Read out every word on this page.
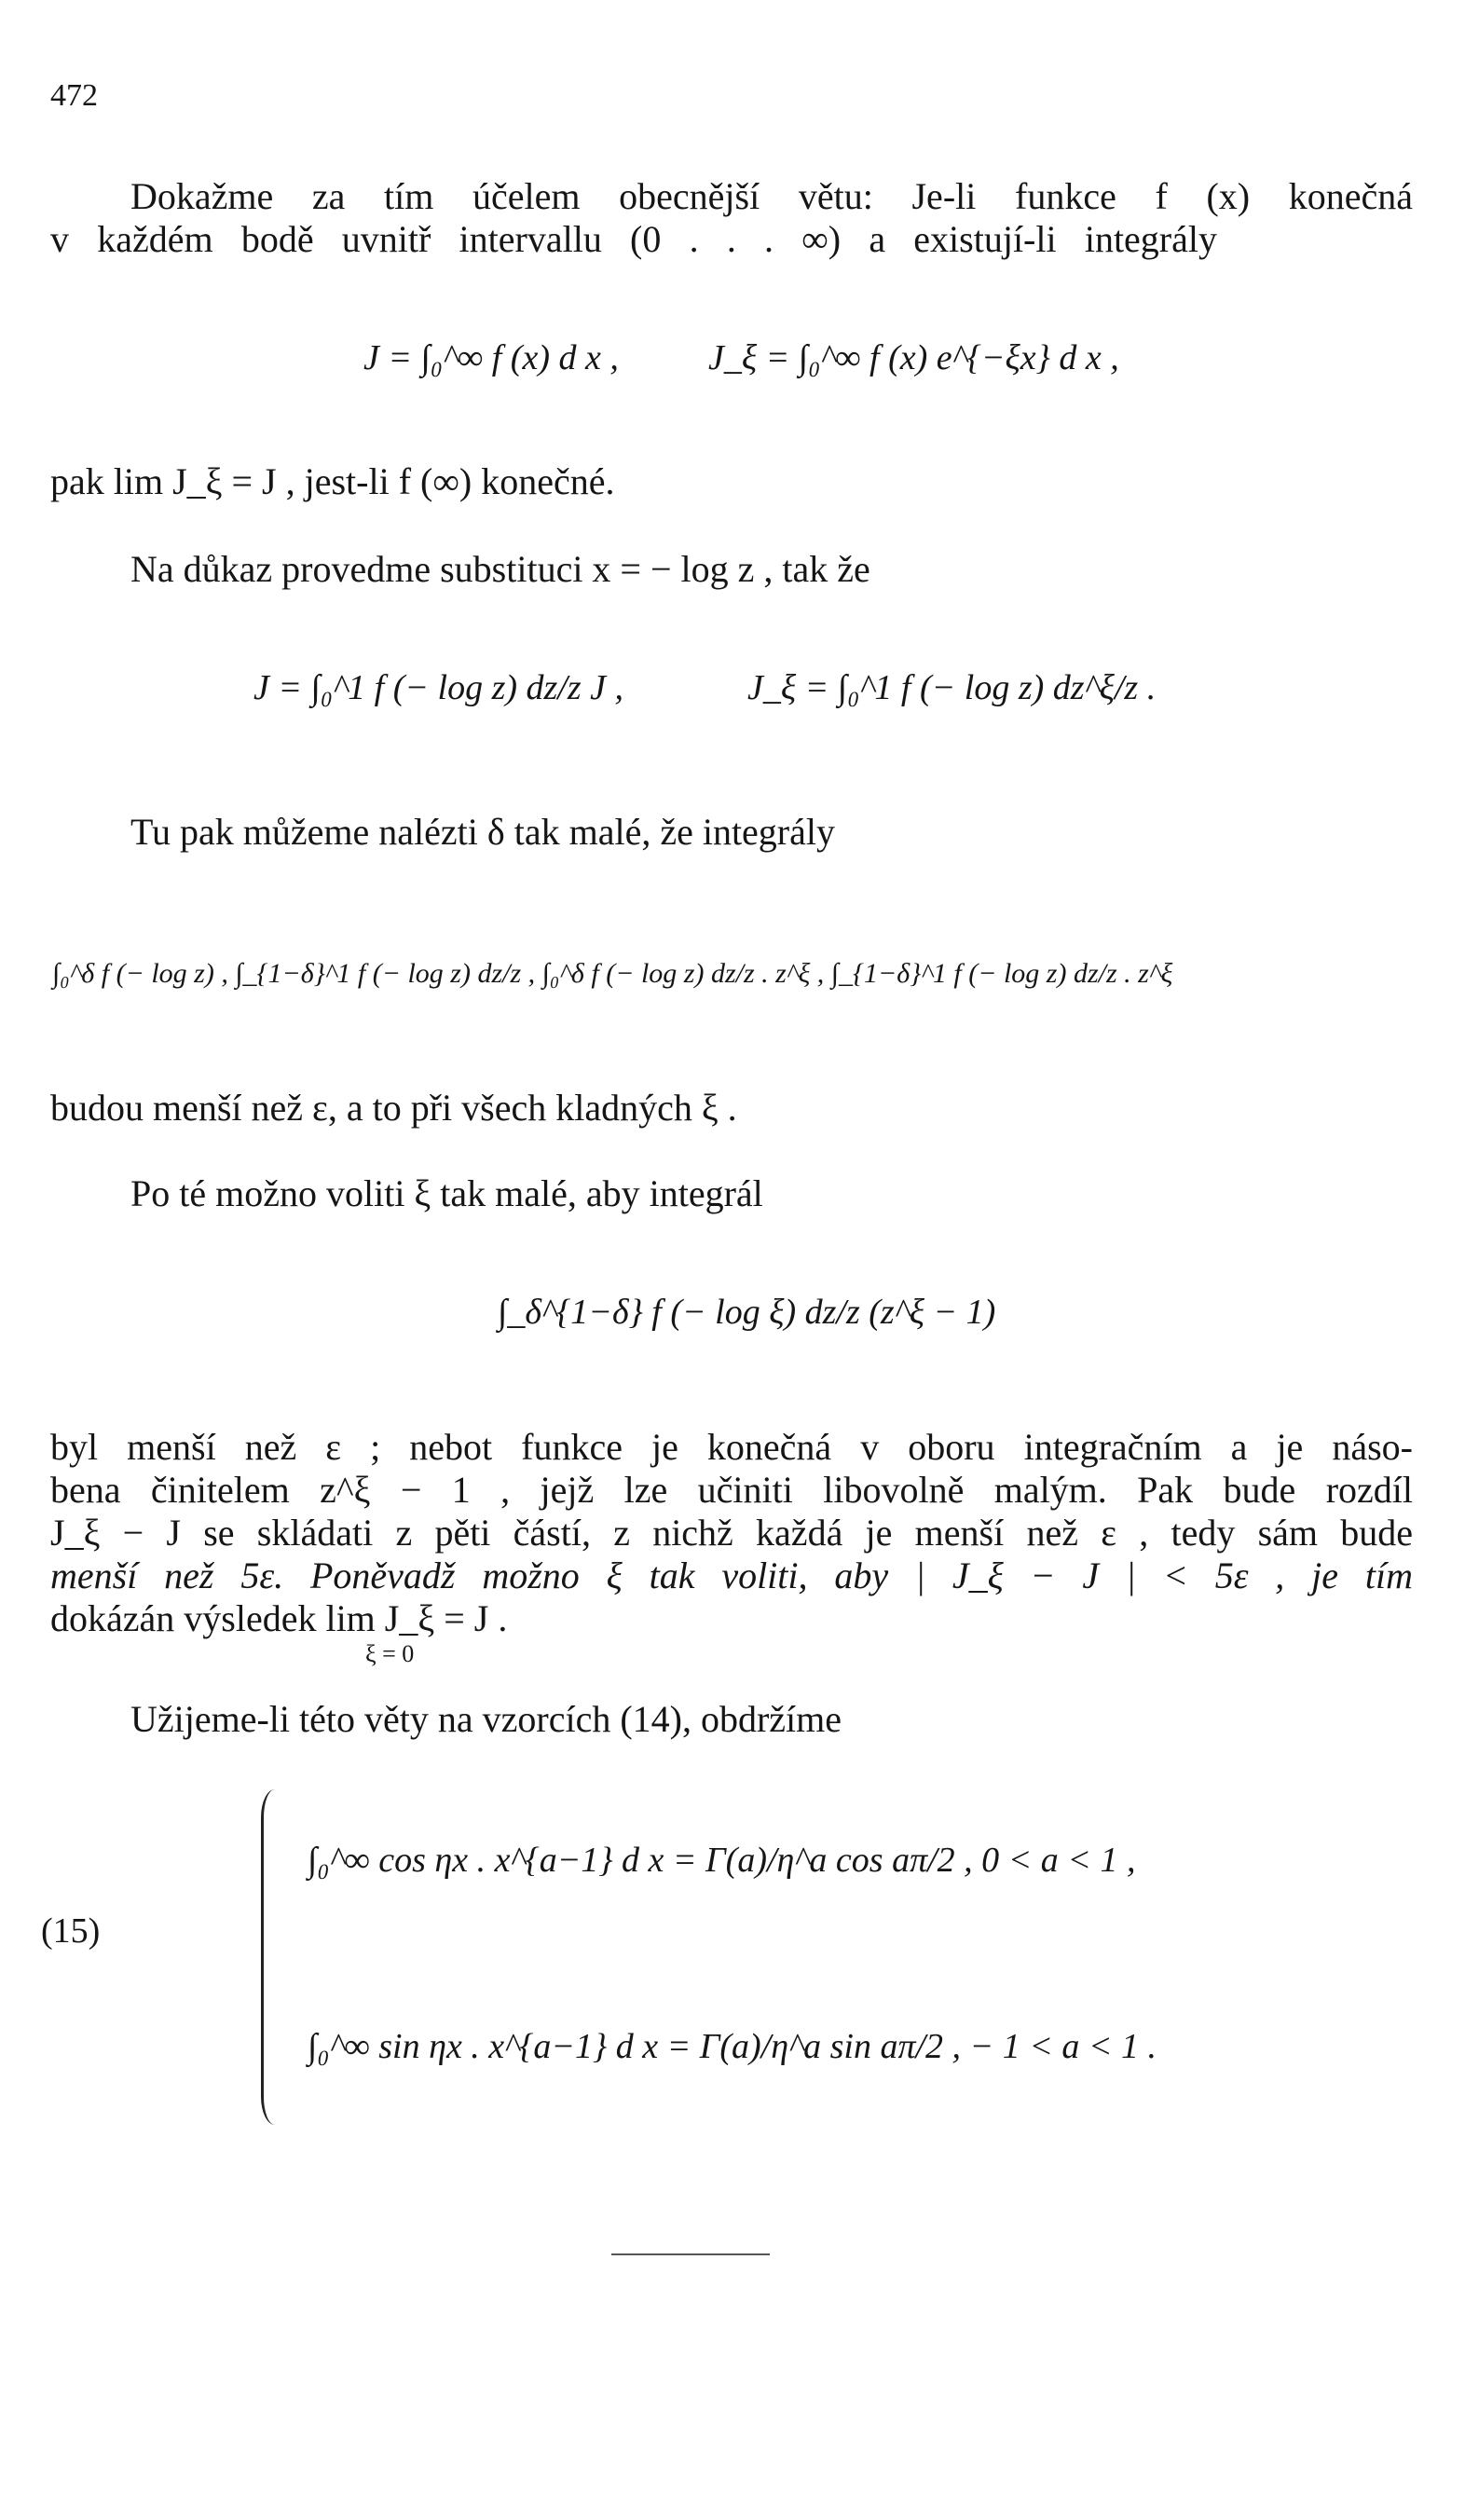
472
Dokažme za tím účelem obecnější větu: Je-li funkce f (x) konečná
v každém bodě uvnitř intervallu (0 . . . ∞) a existují-li integrály
J = ∫₀^∞ f (x) d x ,	J_ξ = ∫₀^∞ f (x) e^{−ξx} d x ,
pak lim J_ξ = J , jest-li f (∞) konečné.
Na důkaz provedme substituci x = − log z , tak že
J = ∫₀^1 f (− log z) dz/z J ,	J_ξ = ∫₀^1 f (− log z) dz^ξ/z .
Tu pak můžeme nalézti δ tak malé, že integrály
∫₀^δ f (− log z) , ∫_{1−δ}^1 f (− log z) dz/z , ∫₀^δ f (− log z) dz/z . z^ξ , ∫_{1−δ}^1 f (− log z) dz/z . z^ξ
budou menší než ε, a to při všech kladných ξ .
Po té možno voliti ξ tak malé, aby integrál
∫_δ^{1−δ} f (− log ξ) dz/z (z^ξ − 1)
byl menší než ε ; nebot funkce je konečná v oboru integračním a je náso-
bena činitelem z^ξ − 1 , jejž lze učiniti libovolně malým. Pak bude rozdíl
J_ξ − J se skládati z pěti částí, z nichž každá je menší než ε , tedy sám bude
menší než 5ε. Poněvadž možno ξ tak voliti, aby | J_ξ − J | < 5ε , je tím
dokázán výsledek lim J_ξ = J .
ξ = 0
Užijeme-li této věty na vzorcích (14), obdržíme
(15)
∫₀^∞ cos ηx . x^{a−1} d x = Γ(a)/η^a cos aπ/2 , 0 < a < 1 ,
∫₀^∞ sin ηx . x^{a−1} d x = Γ(a)/η^a sin aπ/2 , − 1 < a < 1 .
